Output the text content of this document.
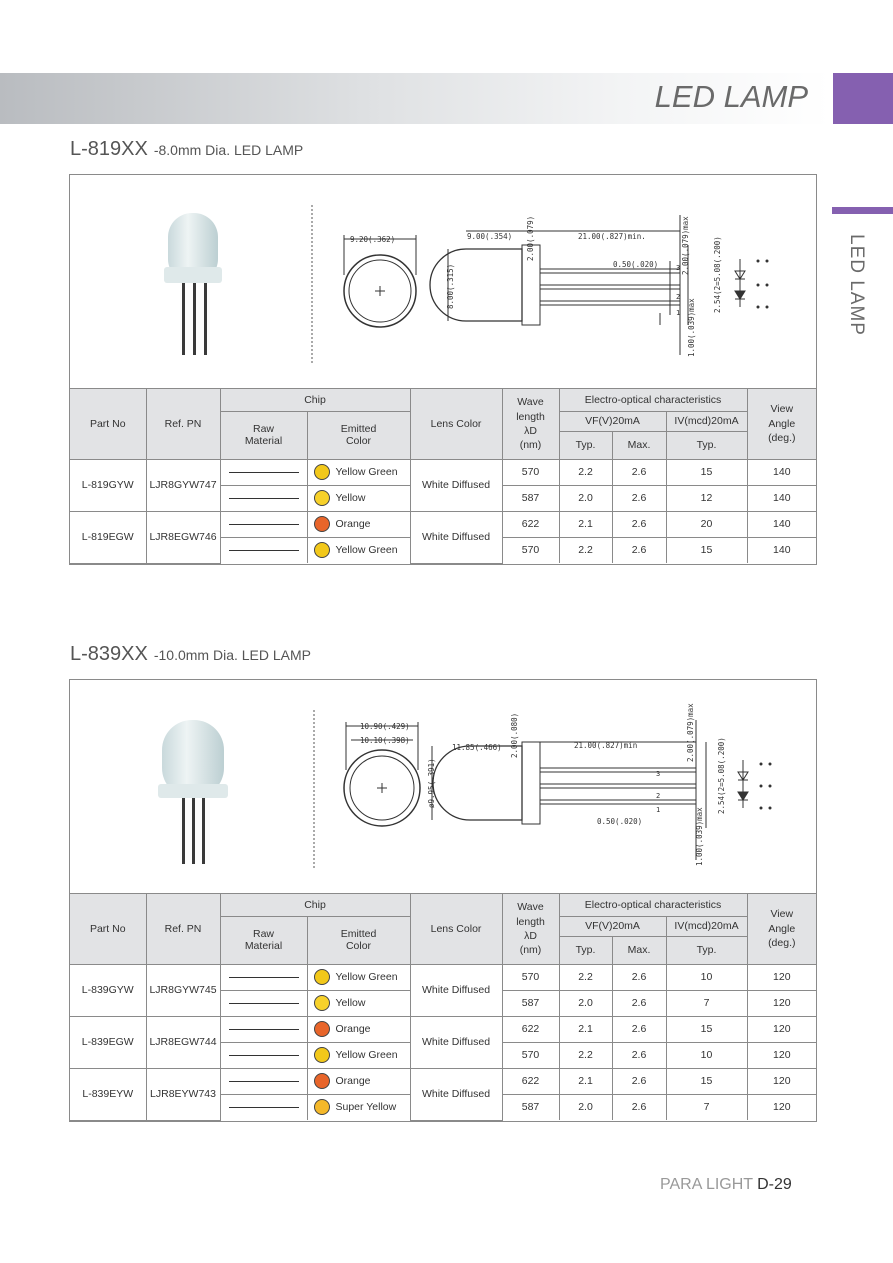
LED LAMP
LED LAMP
L-819XX -8.0mm Dia. LED LAMP
9.20(.362)	9.00(.354)	21.00(.827)min.
0.50(.020)
2.00(.079)	2.00(.079)max	2.54(2=5.08(.200)
8.00(.315)
1.00(.039)max
3
2
1
Part No	Ref. PN	Chip		Lens Color	Wave
length
λD
(nm)	Electro-optical characteristics			View
Angle
(deg.)
		Raw
Material	Emitted
Color			VF(V)20mA		IV(mcd)20mA	
						Typ.	Max.	Typ.	
L-819GYW	LJR8GYW747		Yellow Green	White Diffused	570	2.2	2.6	15	140

			Yellow		587	2.0	2.6	12	140
L-819EGW	LJR8EGW746		Orange	White Diffused	622	2.1	2.6	20	140

			Yellow Green		570	2.2	2.6	15	140
L-839XX -10.0mm Dia. LED LAMP
10.90(.429)
10.10(.398)
11.85(.466) 2.00(.080)	21.00(.827)min	2.00(.079)max
2.54(2=5.08(.200)
ø9.95(.391)
0.50(.020)	1.00(.039)max
3
2
1
Part No	Ref. PN	Chip		Lens Color	Wave
length
λD
(nm)	Electro-optical characteristics			View
Angle
(deg.)
		Raw
Material	Emitted
Color			VF(V)20mA		IV(mcd)20mA	
						Typ.	Max.	Typ.	
L-839GYW	LJR8GYW745		Yellow Green	White Diffused	570	2.2	2.6	10	120

			Yellow		587	2.0	2.6	7	120
L-839EGW	LJR8EGW744		Orange	White Diffused	622	2.1	2.6	15	120

			Yellow Green		570	2.2	2.6	10	120
L-839EYW	LJR8EYW743		Orange	White Diffused	622	2.1	2.6	15	120

			Super Yellow		587	2.0	2.6	7	120
PARA LIGHT D-29
